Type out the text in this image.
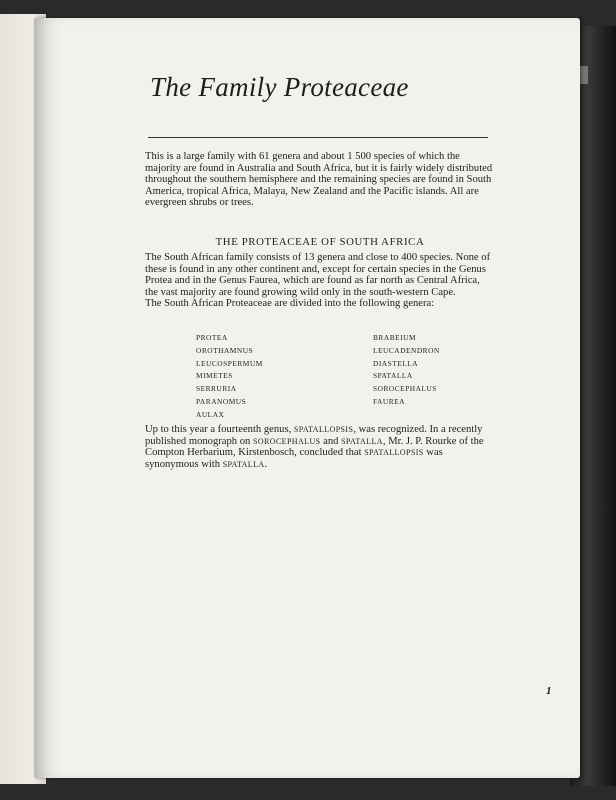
The Family Proteaceae

This is a large family with 61 genera and about 1 500 species of which the majority are found in Australia and South Africa, but it is fairly widely distributed throughout the southern hemisphere and the remaining species are found in South America, tropical Africa, Malaya, New Zealand and the Pacific islands. All are evergreen shrubs or trees.

THE PROTEACEAE OF SOUTH AFRICA

The South African family consists of 13 genera and close to 400 species. None of these is found in any other continent and, except for certain species in the Genus Protea and in the Genus Faurea, which are found as far north as Central Africa, the vast majority are found growing wild only in the south-western Cape.
The South African Proteaceae are divided into the following genera:

PROTEA
OROTHAMNUS
LEUCOSPERMUM
MIMETES
SERRURIA
PARANOMUS
AULAX
BRABEIUM
LEUCADENDRON
DIASTELLA
SPATALLA
SOROCEPHALUS
FAUREA

Up to this year a fourteenth genus, SPATALLOPSIS, was recognized. In a recently published monograph on SOROCEPHALUS and SPATALLA, Mr. J. P. Rourke of the Compton Herbarium, Kirstenbosch, concluded that SPATALLOPSIS was synonymous with SPATALLA.

1
